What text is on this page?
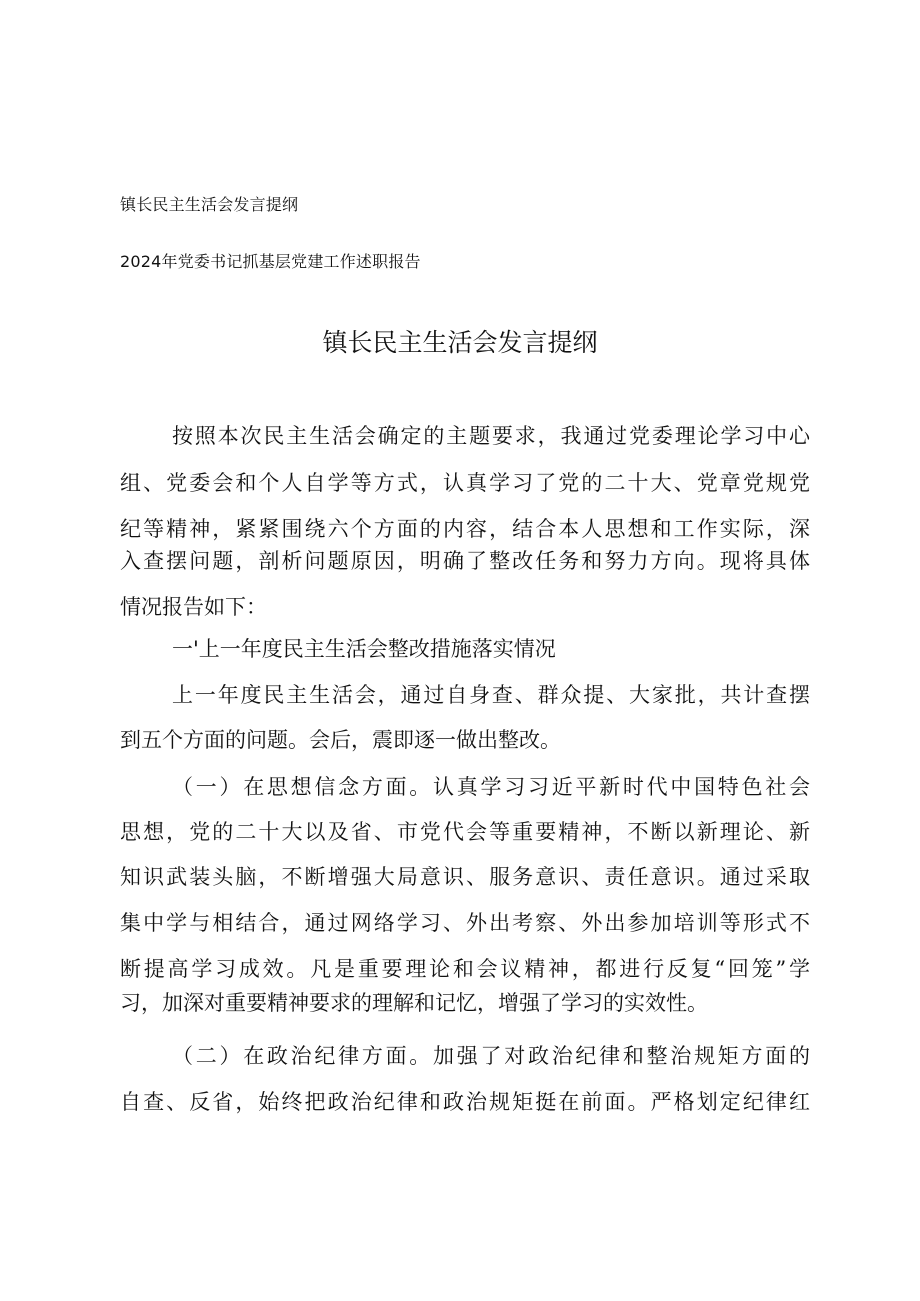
镇长民主生活会发言提纲
2024年党委书记抓基层党建工作述职报告
镇长民主生活会发言提纲
按照本次民主生活会确定的主题要求，我通过党委理论学习中心
组、党委会和个人自学等方式，认真学习了党的二十大、党章党规党
纪等精神，紧紧围绕六个方面的内容，结合本人思想和工作实际，深
入查摆问题，剖析问题原因，明确了整改任务和努力方向。现将具体
情况报告如下：
一'上一年度民主生活会整改措施落实情况
上一年度民主生活会，通过自身查、群众提、大家批，共计查摆
到五个方面的问题。会后，震即逐一做出整改。
（一）在思想信念方面。认真学习习近平新时代中国特色社会
思想，党的二十大以及省、市党代会等重要精神，不断以新理论、新
知识武装头脑，不断增强大局意识、服务意识、责任意识。通过采取
集中学与相结合，通过网络学习、外出考察、外出参加培训等形式不
断提高学习成效。凡是重要理论和会议精神，都进行反复“回笼”学
习，加深对重要精神要求的理解和记忆，增强了学习的实效性。
（二）在政治纪律方面。加强了对政治纪律和整治规矩方面的
自查、反省，始终把政治纪律和政治规矩挺在前面。严格划定纪律红
